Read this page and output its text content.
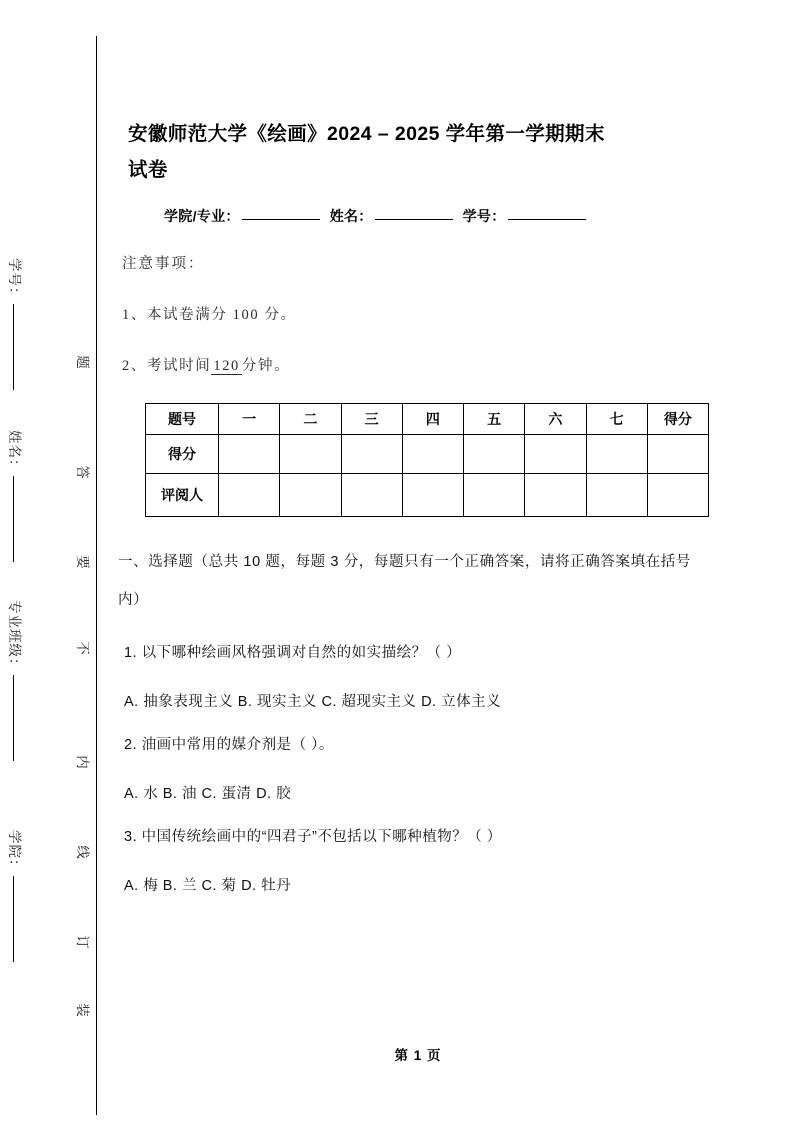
学号：
姓名：
专业班级：
学院：
题
答
要
不
内
线
订
装
安徽师范大学《绘画》2024 – 2025 学年第一学期期末
试卷
学院/专业：	姓名：	学号：
注意事项：
1、本试卷满分 100 分。
2、考试时间 120 分钟。
题号	一	二	三	四	五	六	七	得分
得分								
评阅人								
一、选择题（总共 10 题，每题 3 分，每题只有一个正确答案，请将正确答案填在括号内）
1. 以下哪种绘画风格强调对自然的如实描绘？（ ）
A. 抽象表现主义 B. 现实主义 C. 超现实主义 D. 立体主义
2. 油画中常用的媒介剂是（ ）。
A. 水 B. 油 C. 蛋清 D. 胶
3. 中国传统绘画中的“四君子”不包括以下哪种植物？（ ）
A. 梅 B. 兰 C. 菊 D. 牡丹
第 1 页
